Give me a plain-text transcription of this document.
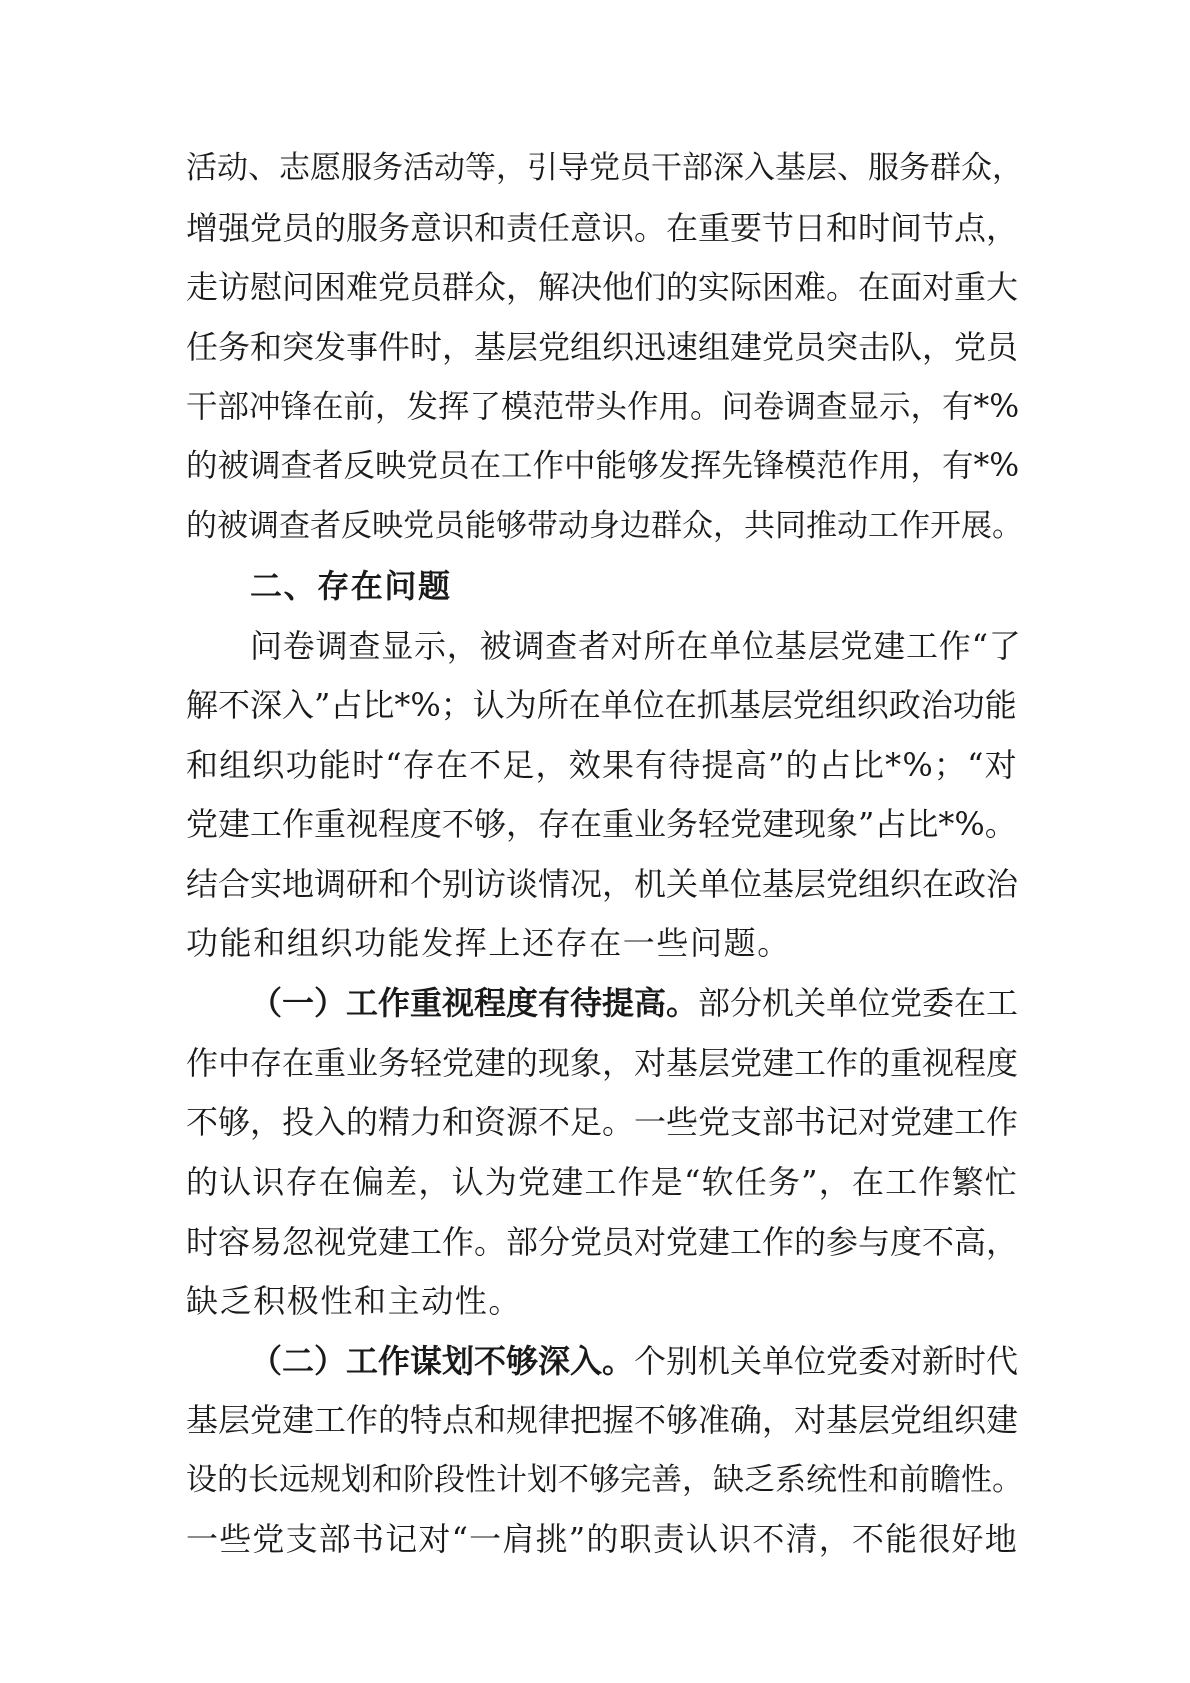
活动、志愿服务活动等，引导党员干部深入基层、服务群众，
增强党员的服务意识和责任意识。在重要节日和时间节点，
走访慰问困难党员群众，解决他们的实际困难。在面对重大
任务和突发事件时，基层党组织迅速组建党员突击队，党员
干部冲锋在前，发挥了模范带头作用。问卷调查显示，有*%
的被调查者反映党员在工作中能够发挥先锋模范作用，有*%
的被调查者反映党员能够带动身边群众，共同推动工作开展。
二、存在问题
问卷调查显示，被调查者对所在单位基层党建工作“了
解不深入”占比*%；认为所在单位在抓基层党组织政治功能
和组织功能时“存在不足，效果有待提高”的占比*%；“对
党建工作重视程度不够，存在重业务轻党建现象”占比*%。
结合实地调研和个别访谈情况，机关单位基层党组织在政治
功能和组织功能发挥上还存在一些问题。
（一）工作重视程度有待提高。部分机关单位党委在工
作中存在重业务轻党建的现象，对基层党建工作的重视程度
不够，投入的精力和资源不足。一些党支部书记对党建工作
的认识存在偏差，认为党建工作是“软任务”，在工作繁忙
时容易忽视党建工作。部分党员对党建工作的参与度不高，
缺乏积极性和主动性。
（二）工作谋划不够深入。个别机关单位党委对新时代
基层党建工作的特点和规律把握不够准确，对基层党组织建
设的长远规划和阶段性计划不够完善，缺乏系统性和前瞻性。
一些党支部书记对“一肩挑”的职责认识不清，不能很好地
